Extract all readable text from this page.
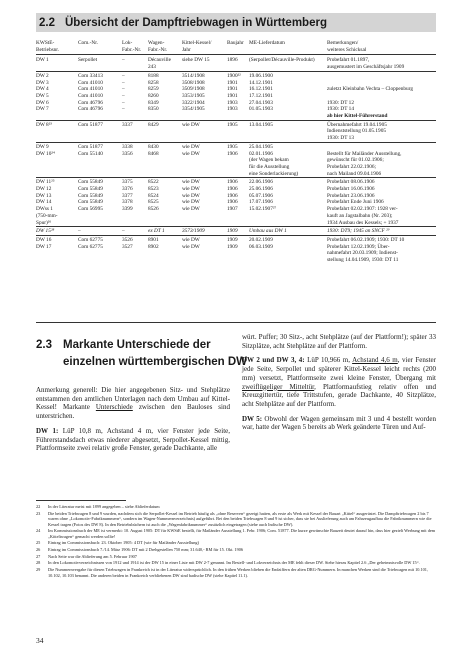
2.2 Übersicht der Dampftriebwagen in Württemberg
KWStE-	Com.-Nr.	Lok-	Wagen-	Kittel-Kessel/	Baujahr	ME-Lieferdatum	Bemerkungen/
Betriebsnr.		Fabr.-Nr.	Fabr.-Nr.	Jahr			weiteres Schicksal
DW 1	Serpollet	–	Décauville	siehe DW 15	1896	(Serpollet/Décauville-Produkt)	Probefahrt 01.1897,
			243				ausgemustert im Geschäftsjahr 1909
DW 2	Com 33413	–	8188	3514/1908	1900²²	19.06.1900	
DW 3	Com 41010	–	8258	3508/1908	1901	14.12.1901	
DW 4	Com 41010	–	8259	3509/1908	1901	16.12.1901	zuletzt Kleinbahn Vechta – Cloppenburg
DW 5	Com 41010	–	8260	3353/1905	1901	17.12.1901	
DW 6	Com 46796	–	8349	3322/1904	1903	27.04.1903	1930: DT 12
DW 7	Com 46796	–	8350	3354/1905	1903	01.05.1903	1930: DT 14
							ab hier Kittel-Führerstand
DW 8²³	Com 51877	3337	8429	wie DW	1905	13.04.1905	Übernahmefahrt 19.04.1905
							Indienststellung 01.05.1905
							1930: DT 13
DW 9	Com 51877	3338	8430	wie DW	1905	25.04.1905	
DW 10²⁴	Com 55140	3356	8468	wie DW	1906	02.01.1906	Bestellt für Mailänder Ausstellung,
						(der Wagen bekam	gewünscht für 01.02.1906;
						für die Ausstellung	Probefahrt 22.02.1906;
						eine Sonderlackierung)	nach Mailand 09.04.1906
DW 11²⁵	Com 55849	3375	8522	wie DW	1906	22.06.1906	Probefahrt 08.06.1906
DW 12	Com 55849	3376	8523	wie DW	1906	25.06.1906	Probefahrt 16.06.1906
DW 13	Com 55849	3377	8524	wie DW	1906	05.07.1906	Probefahrt 23.06.1906
DW 14	Com 55849	3378	8525	wie DW	1906	17.07.1906	Probefahrt Ende Juni 1906
DWss 1	Com 56995	3399	8526	wie DW	1907	15.02.1907²⁷	Probefahrt 02.02.1907: 1928 ver-
(750-mm-							kauft an Jagstalbahn (Nr. 203);
Spur)²⁶							1934 Ausbau des Kessels; + 1937
DW 15²⁸	–	–	ex DT 1	3573/1909	1909	Umbau aus DW 1	1930: DT9; 1945 an SNCF ²⁹
DW 16	Com 62775	3526	8901	wie DW	1909	20.02.1909	Probefahrt 06.02.1909; 1930: DT 10
DW 17	Com 62775	3527	8902	wie DW	1909	06.03.1909	Probefahrt 12.02.1909; Über-
							nahmefahrt 20.03.1909; Indienst-
							stellung 14.04.1909, 1930: DT 11
2.3 Markante Unterschiede der
einzelnen württembergischen DW

Anmerkung generell: Die hier angegebenen Sitz- und Stehplätze entstammen den amtlichen Unterlagen nach dem Umbau auf Kittel-Kessel! Markante Unterschiede zwischen den Bauloses sind unterstrichen.

DW 1: LüP 10,8 m, Achstand 4 m, vier Fenster jede Seite, Führerstandsdach etwas niederer abgesetzt, Serpollet-Kessel mittig, Plattformseite zwei relativ große Fenster, gerade Dachkante, alle

würt. Puffer; 30 Sitz-, acht Stehplätze (auf der Plattform!); später 33 Sitzplätze, acht Stehplätze auf der Plattform.

DW 2 und DW 3, 4: LüP 10,966 m, Achstand 4,6 m, vier Fenster jede Seite, Serpollet und späterer Kittel-Kessel leicht rechts (200 mm) versetzt, Plattformseite zwei kleine Fenster, Übergang mit zweiflügeliger Mitteltür, Plattformaufstieg relativ offen und Kreuzgittertür, tiefe Trittstufen, gerade Dachkante, 40 Sitzplätze, acht Stehplätze auf der Plattform.

DW 5: Obwohl der Wagen gemeinsam mit 3 und 4 bestellt worden war, hatte der Wagen 5 bereits ab Werk geänderte Türen und Auf-

22	In der Literatur meist mit 1899 angegeben – siehe Ablieferdatum
23	Die beiden Triebwagen 8 und 9 wurden, nachdem sich die Serpollet-Kessel im Betrieb häufig als „ohne Reserven“ gezeigt hatten, als erste als Werk mit Kessel der Bauart „Kittel“ ausgerüstet. Die Dampftriebwagen 2 bis 7 waren ohne „Lokomotiv-Fabriknummern“, sondern im Wagen-Nummernverzeichnis) aufgeführt. Bei den beiden Triebwagen 8 und 9 ist sicher, dass sie bei Auslieferung auch am Fahrzeugaufbau die Fabriknummern wie die Kessel tragen (Fotos des DW 8). In den Betriebsbüchern ist auch die „Wagenfabriknummer“ zusätzlich eingetragen (siehe auch Indische DW).
24	Im Kommissionsbuch der ME ist vermerkt: 10. August 1905: DT für KWStE bestellt, für Mailänder Ausstellung 1. Febr. 1906; Com. 51877. Die kurze gewünschte Bauzeit deutet darauf hin, dass hier gezielt Werbung mit dem „Kitteltwagen“ gemacht werden sollte!
25	Eintrag im Commissionsbuch: 23. Oktober 1905: 4 DT (wie für Mailänder Ausstellung)
26	Eintrag im Commissionsbuch 7./14. März 1906: DT mit 2 Drehgestellen 750 mm; 31.640,- RM für 15. Okt. 1906
27	Nach Seite war die Ablieferung am 5. Februar 1907
28	In den Lokomotivverzeichnissen von 1912 und 1914 ist der DW 15 in einer Liste mit DW 2-7 genannt. Im Bestell- und Lokverzeichnis der ME fehlt dieser DW. Siehe hierzu Kapitel 2.6 „Der geheimnisvolle DW 15“.
29	Die Nummernvergabe für diesen Triebwagen in Frankreich ist in der Literatur widersprüchlich. In den frühen Werken blieben die Endziffern der alten DRG-Nummern. In manchen Werken sind die Triebwagen mit 10.101, 10.102, 10.103 benannt. Die anderen beiden in Frankreich verbliebenen DW sind badische DW (siehe Kapitel 11.1).
34
